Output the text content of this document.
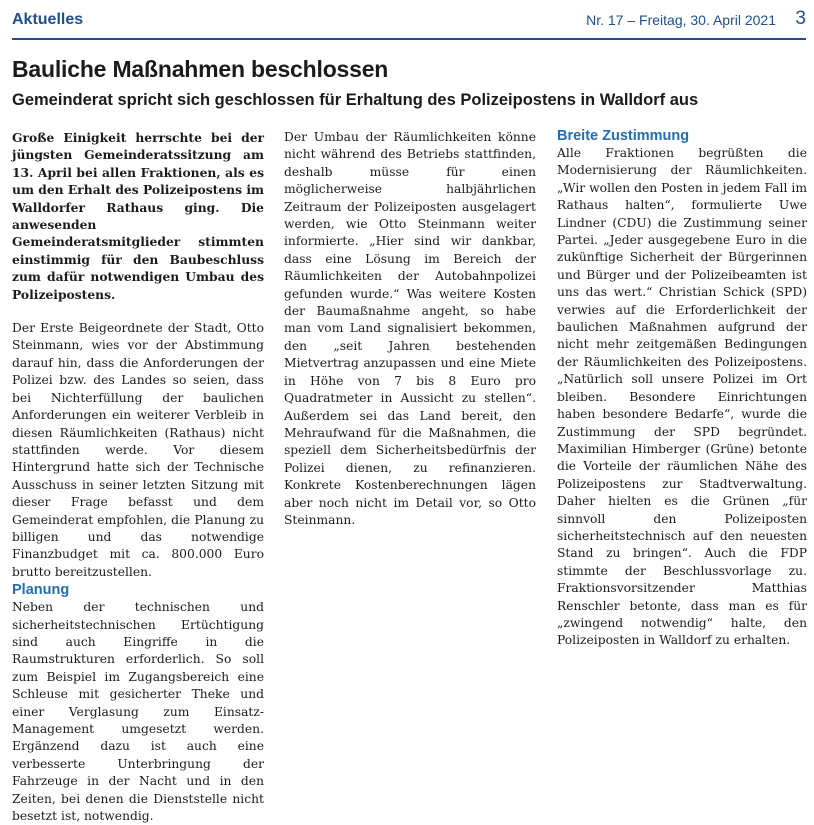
Aktuelles	Nr. 17 – Freitag, 30. April 2021 3
Bauliche Maßnahmen beschlossen
Gemeinderat spricht sich geschlossen für Erhaltung des Polizeipostens in Walldorf aus

Große Einigkeit herrschte bei der jüngsten Gemeinderatssitzung am 13. April bei allen Fraktionen, als es um den Erhalt des Polizeipostens im Walldorfer Rathaus ging. Die anwesenden Gemeinderatsmitglieder stimmten einstimmig für den Baubeschluss zum dafür notwendigen Umbau des Polizeipostens.

Der Erste Beigeordnete der Stadt, Otto Steinmann, wies vor der Abstimmung darauf hin, dass die Anforderungen der Polizei bzw. des Landes so seien, dass bei Nichterfüllung der baulichen Anforderungen ein weiterer Verbleib in diesen Räumlichkeiten (Rathaus) nicht stattfinden werde. Vor diesem Hintergrund hatte sich der Technische Ausschuss in seiner letzten Sitzung mit dieser Frage befasst und dem Gemeinderat empfohlen, die Planung zu billigen und das notwendige Finanzbudget mit ca. 800.000 Euro brutto bereitzustellen.

Planung

Neben der technischen und sicherheitstechnischen Ertüchtigung sind auch Eingriffe in die Raumstrukturen erforderlich. So soll zum Beispiel im Zugangsbereich eine Schleuse mit gesicherter Theke und einer Verglasung zum Einsatz-Management umgesetzt werden. Ergänzend dazu ist auch eine verbesserte Unterbringung der Fahrzeuge in der Nacht und in den Zeiten, bei denen die Dienststelle nicht besetzt ist, notwendig.

Der Umbau der Räumlichkeiten könne nicht während des Betriebs stattfinden, deshalb müsse für einen möglicherweise halbjährlichen Zeitraum der Polizeiposten ausgelagert werden, wie Otto Steinmann weiter informierte. „Hier sind wir dankbar, dass eine Lösung im Bereich der Räumlichkeiten der Autobahnpolizei gefunden wurde.“ Was weitere Kosten der Baumaßnahme angeht, so habe man vom Land signalisiert bekommen, den „seit Jahren bestehenden Mietvertrag anzupassen und eine Miete in Höhe von 7 bis 8 Euro pro Quadratmeter in Aussicht zu stellen“. Außerdem sei das Land bereit, den Mehraufwand für die Maßnahmen, die speziell dem Sicherheitsbedürfnis der Polizei dienen, zu refinanzieren. Konkrete Kostenberechnungen lägen aber noch nicht im Detail vor, so Otto Steinmann.

Breite Zustimmung

Alle Fraktionen begrüßten die Modernisierung der Räumlichkeiten. „Wir wollen den Posten in jedem Fall im Rathaus halten“, formulierte Uwe Lindner (CDU) die Zustimmung seiner Partei. „Jeder ausgegebene Euro in die zukünftige Sicherheit der Bürgerinnen und Bürger und der Polizeibeamten ist uns das wert.“ Christian Schick (SPD) verwies auf die Erforderlichkeit der baulichen Maßnahmen aufgrund der nicht mehr zeitgemäßen Bedingungen der Räumlichkeiten des Polizeipostens. „Natürlich soll unsere Polizei im Ort bleiben. Besondere Einrichtungen haben besondere Bedarfe“, wurde die Zustimmung der SPD begründet. Maximilian Himberger (Grüne) betonte die Vorteile der räumlichen Nähe des Polizeipostens zur Stadtverwaltung. Daher hielten es die Grünen „für sinnvoll den Polizeiposten sicherheitstechnisch auf den neuesten Stand zu bringen“. Auch die FDP stimmte der Beschlussvorlage zu. Fraktionsvorsitzender Matthias Renschler betonte, dass man es für „zwingend notwendig“ halte, den Polizeiposten in Walldorf zu erhalten.
